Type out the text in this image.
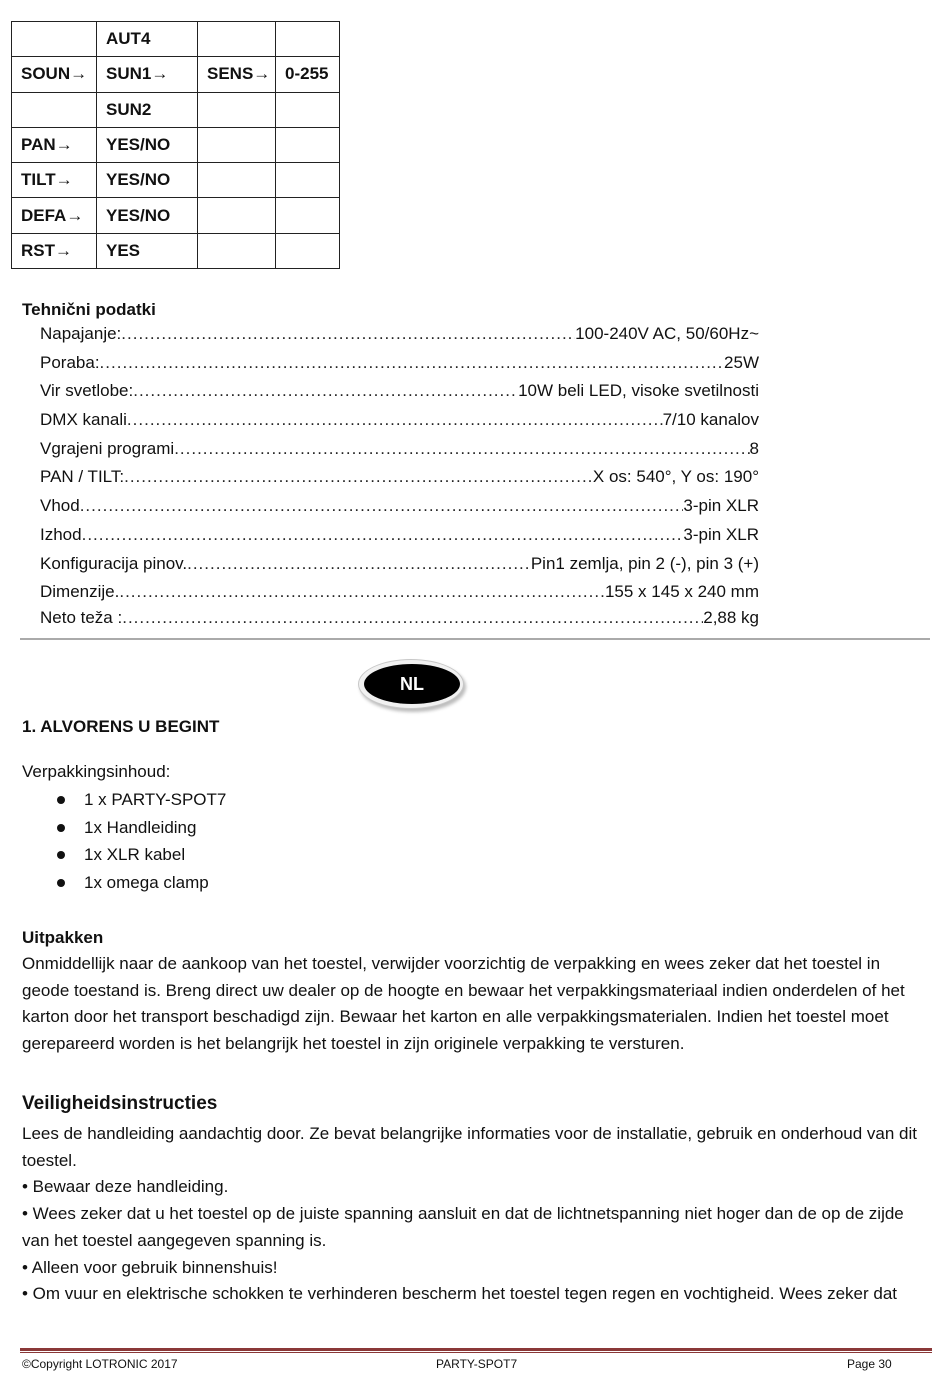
	AUT4		
SOUN→	SUN1→	SENS→	0-255
	SUN2		
PAN→	YES/NO		
TILT→	YES/NO		
DEFA→	YES/NO		
RST→	YES		
Tehnični podatki
Napajanje: .....	100-240V AC, 50/60Hz~
Poraba: .....	25W
Vir svetlobe: .....	10W beli LED, visoke svetilnosti
DMX kanali .....	7/10 kanalov
Vgrajeni programi .....	8
PAN / TILT: .....	X os: 540°, Y os: 190°
Vhod .....	3-pin XLR
Izhod .....	3-pin XLR
Konfiguracija pinov. .....	Pin1 zemlja, pin 2 (-), pin 3 (+)
Dimenzije. .....	155 x 145 x 240 mm
Neto teža : .....	2,88 kg
NL
1. ALVORENS U BEGINT
Verpakkingsinhoud:
1 x PARTY-SPOT7
1x Handleiding
1x XLR kabel
1x omega clamp
Uitpakken
Onmiddellijk naar de aankoop van het toestel, verwijder voorzichtig de verpakking en wees zeker dat het toestel in geode toestand is. Breng direct uw dealer op de hoogte en bewaar het verpakkingsmateriaal indien onderdelen of het karton door het transport beschadigd zijn. Bewaar het karton en alle verpakkingsmaterialen. Indien het toestel moet gerepareerd worden is het belangrijk het toestel in zijn originele verpakking te versturen.
Veiligheidsinstructies
Lees de handleiding aandachtig door. Ze bevat belangrijke informaties voor de installatie, gebruik en onderhoud van dit toestel.
• Bewaar deze handleiding.
• Wees zeker dat u het toestel op de juiste spanning aansluit en dat de lichtnetspanning niet hoger dan de op de zijde van het toestel aangegeven spanning is.
• Alleen voor gebruik binnenshuis!
• Om vuur en elektrische schokken te verhinderen bescherm het toestel tegen regen en vochtigheid. Wees zeker dat
©Copyright LOTRONIC 2017	PARTY-SPOT7	Page 30
